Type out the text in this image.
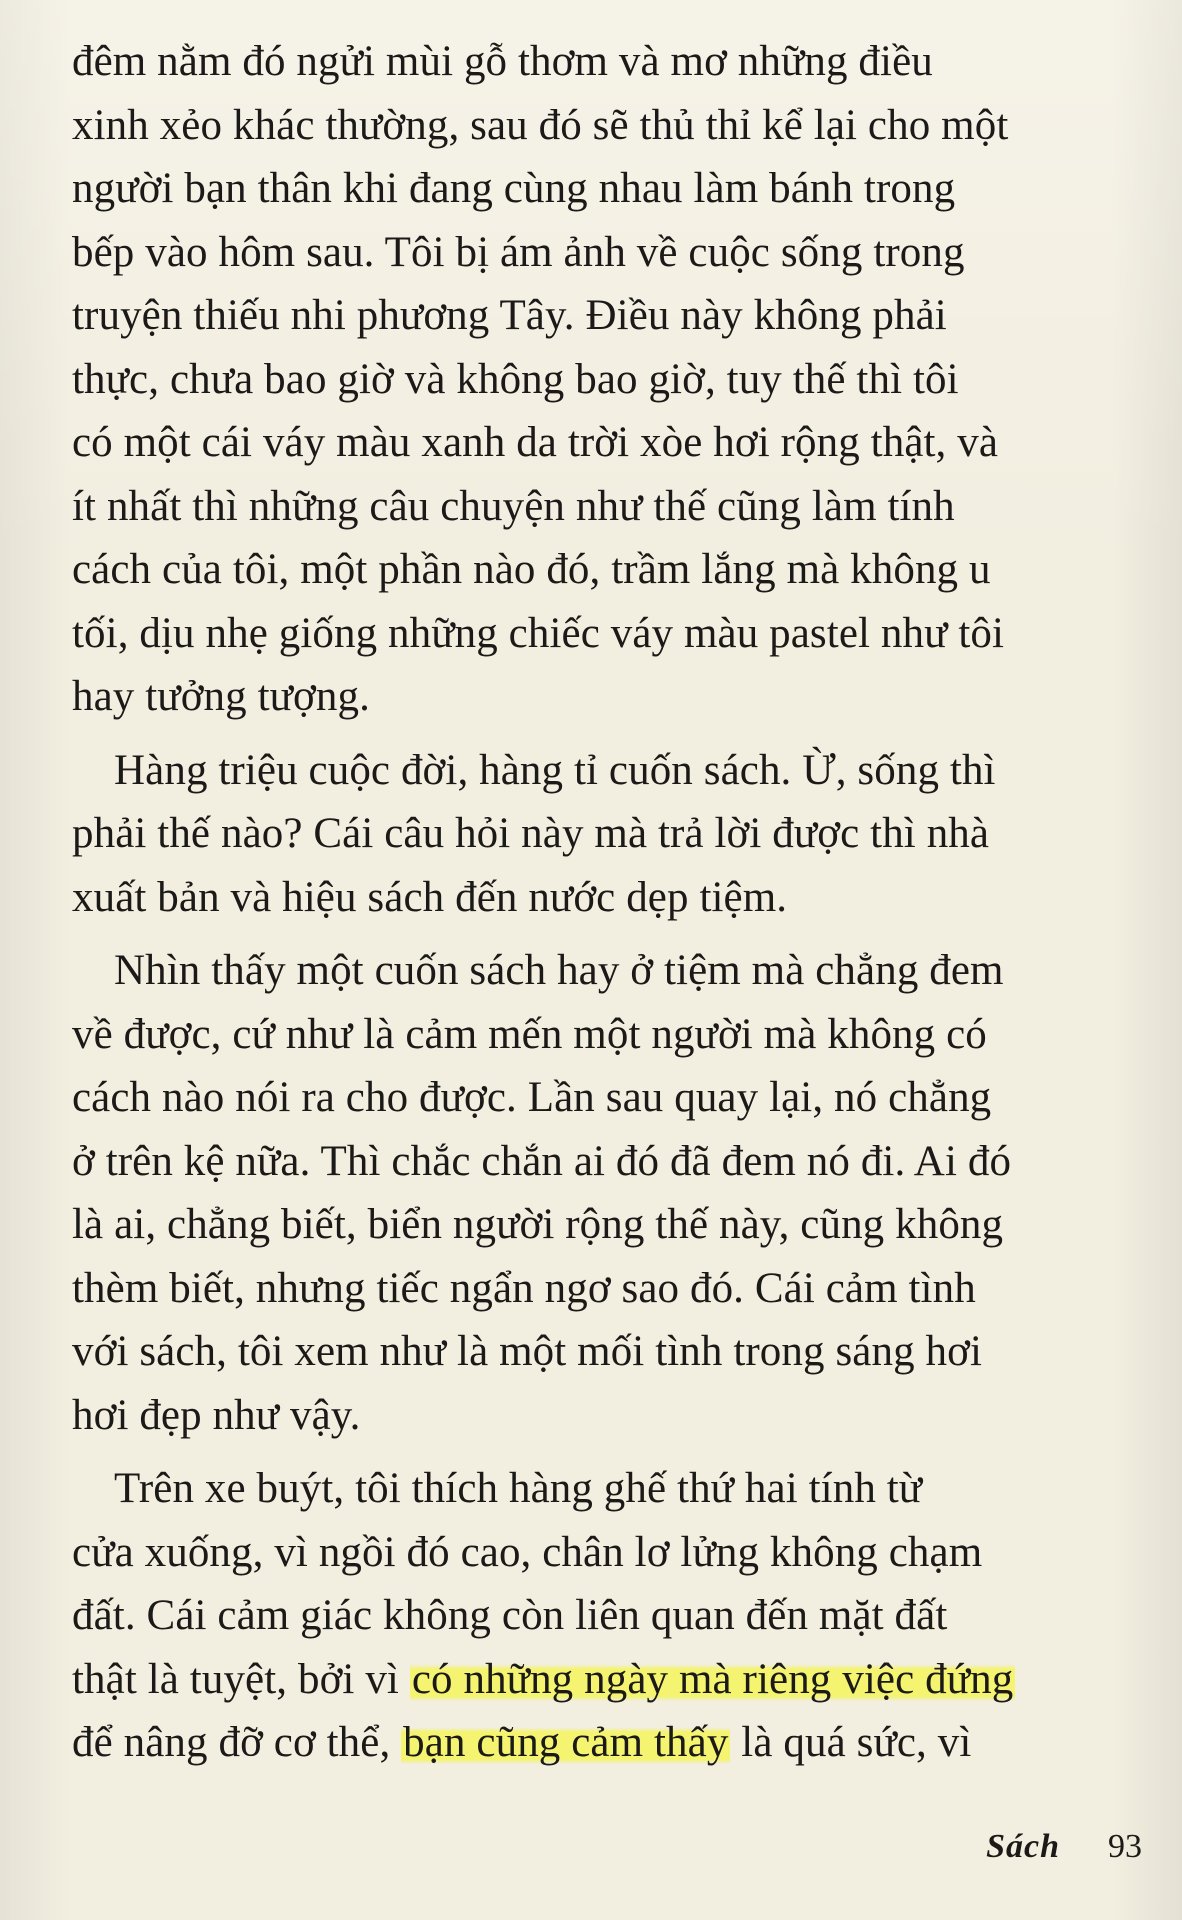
đêm nằm đó ngửi mùi gỗ thơm và mơ những điều
xinh xẻo khác thường, sau đó sẽ thủ thỉ kể lại cho một
người bạn thân khi đang cùng nhau làm bánh trong
bếp vào hôm sau. Tôi bị ám ảnh về cuộc sống trong
truyện thiếu nhi phương Tây. Điều này không phải
thực, chưa bao giờ và không bao giờ, tuy thế thì tôi
có một cái váy màu xanh da trời xòe hơi rộng thật, và
ít nhất thì những câu chuyện như thế cũng làm tính
cách của tôi, một phần nào đó, trầm lắng mà không u
tối, dịu nhẹ giống những chiếc váy màu pastel như tôi
hay tưởng tượng.

Hàng triệu cuộc đời, hàng tỉ cuốn sách. Ừ, sống thì
phải thế nào? Cái câu hỏi này mà trả lời được thì nhà
xuất bản và hiệu sách đến nước dẹp tiệm.

Nhìn thấy một cuốn sách hay ở tiệm mà chẳng đem
về được, cứ như là cảm mến một người mà không có
cách nào nói ra cho được. Lần sau quay lại, nó chẳng
ở trên kệ nữa. Thì chắc chắn ai đó đã đem nó đi. Ai đó
là ai, chẳng biết, biển người rộng thế này, cũng không
thèm biết, nhưng tiếc ngẩn ngơ sao đó. Cái cảm tình
với sách, tôi xem như là một mối tình trong sáng hơi
hơi đẹp như vậy.

Trên xe buýt, tôi thích hàng ghế thứ hai tính từ
cửa xuống, vì ngồi đó cao, chân lơ lửng không chạm
đất. Cái cảm giác không còn liên quan đến mặt đất
thật là tuyệt, bởi vì có những ngày mà riêng việc đứng
để nâng đỡ cơ thể, bạn cũng cảm thấy là quá sức, vì

Sách 93
